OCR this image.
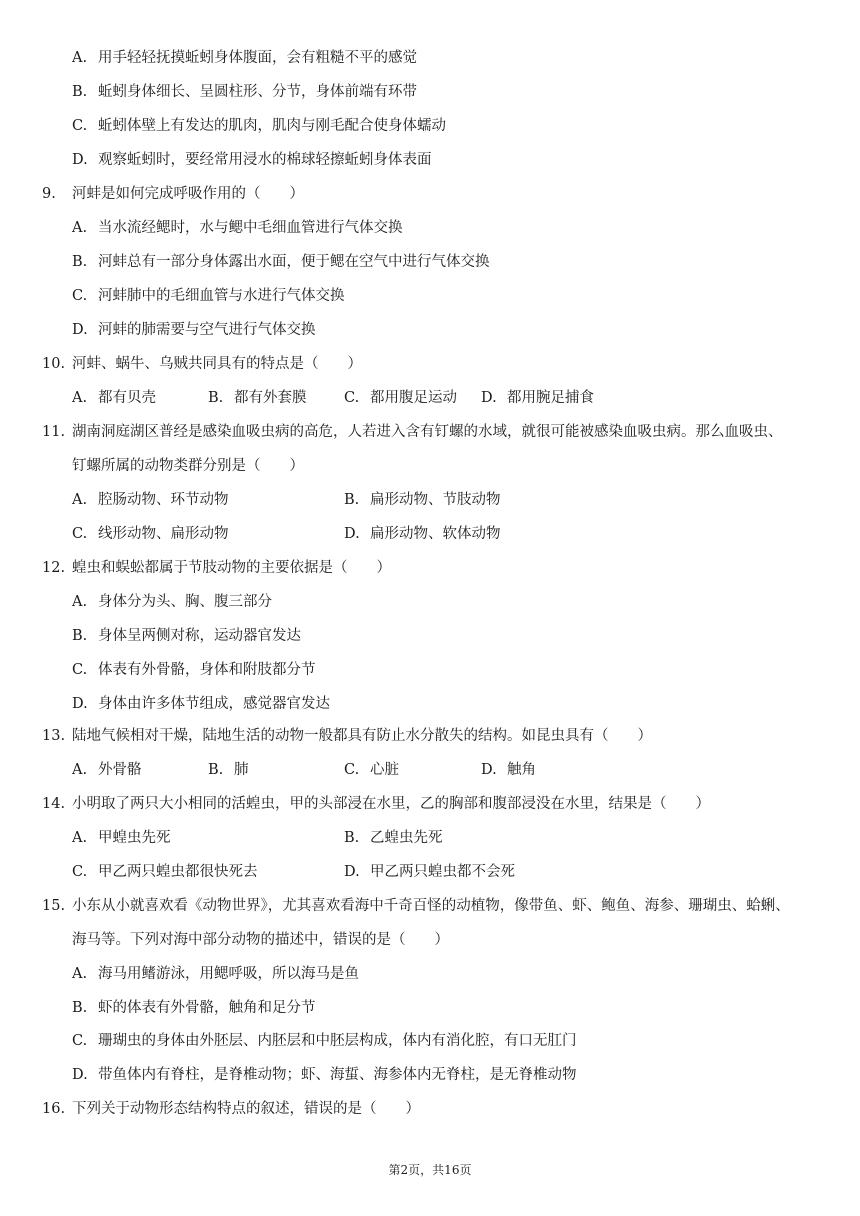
A. 用手轻轻抚摸蚯蚓身体腹面，会有粗糙不平的感觉
B. 蚯蚓身体细长、呈圆柱形、分节，身体前端有环带
C. 蚯蚓体壁上有发达的肌肉，肌肉与刚毛配合使身体蠕动
D. 观察蚯蚓时，要经常用浸水的棉球轻擦蚯蚓身体表面
9. 河蚌是如何完成呼吸作用的（　　）
A. 当水流经鳃时，水与鳃中毛细血管进行气体交换
B. 河蚌总有一部分身体露出水面，便于鳃在空气中进行气体交换
C. 河蚌肺中的毛细血管与水进行气体交换
D. 河蚌的肺需要与空气进行气体交换
10. 河蚌、蜗牛、乌贼共同具有的特点是（　　）
A. 都有贝壳	B. 都有外套膜	C. 都用腹足运动 D. 都用腕足捕食
11. 湖南洞庭湖区普经是感染血吸虫病的高危，人若进入含有钉螺的水域，就很可能被感染血吸虫病。那么血吸虫、
钉螺所属的动物类群分别是（　　）
A. 腔肠动物、环节动物	B. 扁形动物、节肢动物
C. 线形动物、扁形动物	D. 扁形动物、软体动物
12. 蝗虫和蜈蚣都属于节肢动物的主要依据是（　　）
A. 身体分为头、胸、腹三部分
B. 身体呈两侧对称，运动器官发达
C. 体表有外骨骼，身体和附肢都分节
D. 身体由许多体节组成，感觉器官发达
13. 陆地气候相对干燥，陆地生活的动物一般都具有防止水分散失的结构。如昆虫具有（　　）
A. 外骨骼	B. 肺	C. 心脏	D. 触角
14. 小明取了两只大小相同的活蝗虫，甲的头部浸在水里，乙的胸部和腹部浸没在水里，结果是（　　）
A. 甲蝗虫先死	B. 乙蝗虫先死
C. 甲乙两只蝗虫都很快死去	D. 甲乙两只蝗虫都不会死
15. 小东从小就喜欢看《动物世界》，尤其喜欢看海中千奇百怪的动植物，像带鱼、虾、鲍鱼、海参、珊瑚虫、蛤蜊、
海马等。下列对海中部分动物的描述中，错误的是（　　）
A. 海马用鳍游泳，用鳃呼吸，所以海马是鱼
B. 虾的体表有外骨骼，触角和足分节
C. 珊瑚虫的身体由外胚层、内胚层和中胚层构成，体内有消化腔，有口无肛门
D. 带鱼体内有脊柱，是脊椎动物；虾、海蜇、海参体内无脊柱，是无脊椎动物
16. 下列关于动物形态结构特点的叙述，错误的是（　　）
第2页，共16页
